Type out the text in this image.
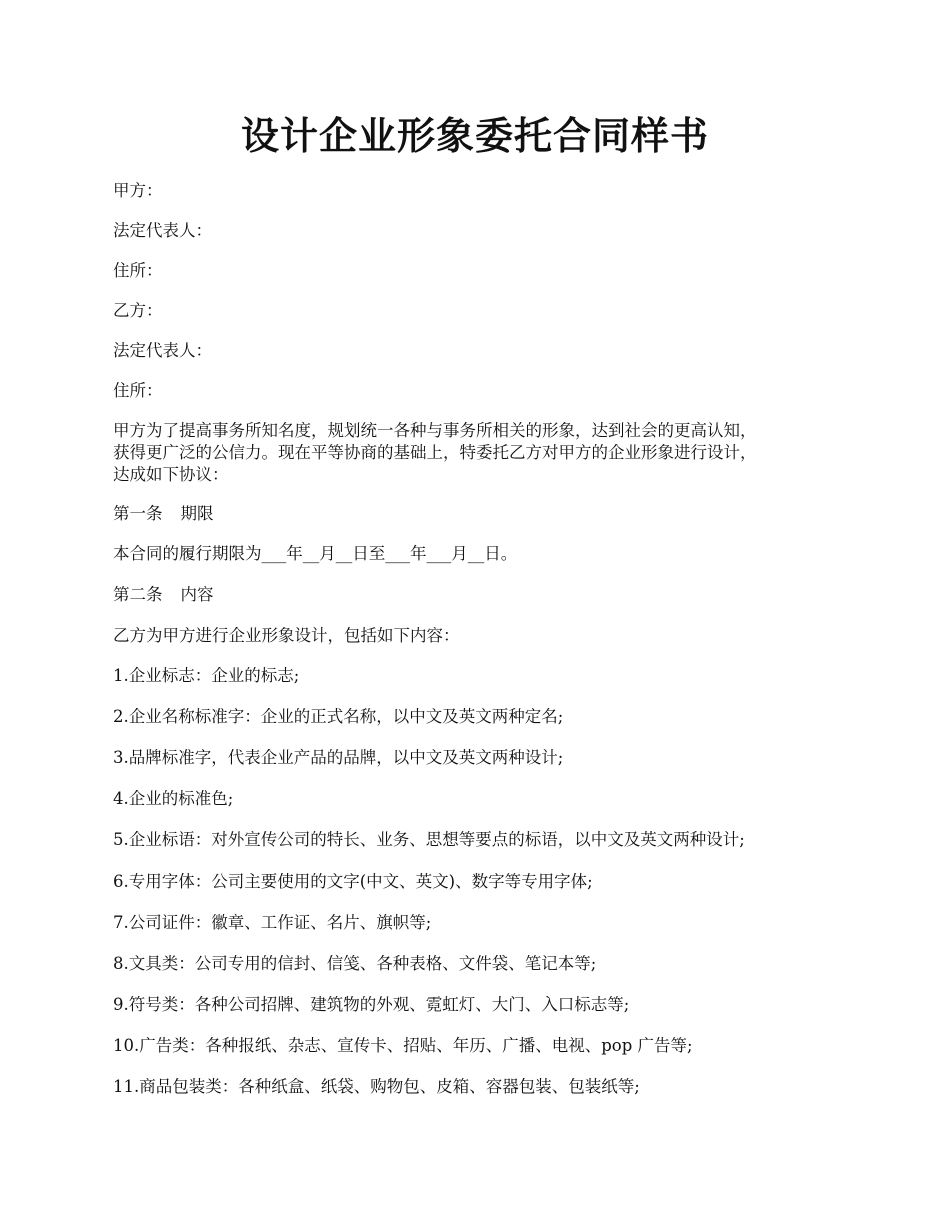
设计企业形象委托合同样书

甲方：

法定代表人：

住所：

乙方：

法定代表人：

住所：

甲方为了提高事务所知名度，规划统一各种与事务所相关的形象，达到社会的更高认知，
获得更广泛的公信力。现在平等协商的基础上，特委托乙方对甲方的企业形象进行设计，
达成如下协议：

第一条 期限

本合同的履行期限为___年__月__日至___年___月__日。

第二条 内容

乙方为甲方进行企业形象设计，包括如下内容：

1.企业标志：企业的标志;

2.企业名称标准字：企业的正式名称，以中文及英文两种定名;

3.品牌标准字，代表企业产品的品牌，以中文及英文两种设计;

4.企业的标准色;

5.企业标语：对外宣传公司的特长、业务、思想等要点的标语，以中文及英文两种设计;

6.专用字体：公司主要使用的文字(中文、英文)、数字等专用字体;

7.公司证件：徽章、工作证、名片、旗帜等;

8.文具类：公司专用的信封、信笺、各种表格、文件袋、笔记本等;

9.符号类：各种公司招牌、建筑物的外观、霓虹灯、大门、入口标志等;

10.广告类：各种报纸、杂志、宣传卡、招贴、年历、广播、电视、pop 广告等;

11.商品包装类：各种纸盒、纸袋、购物包、皮箱、容器包装、包装纸等;
